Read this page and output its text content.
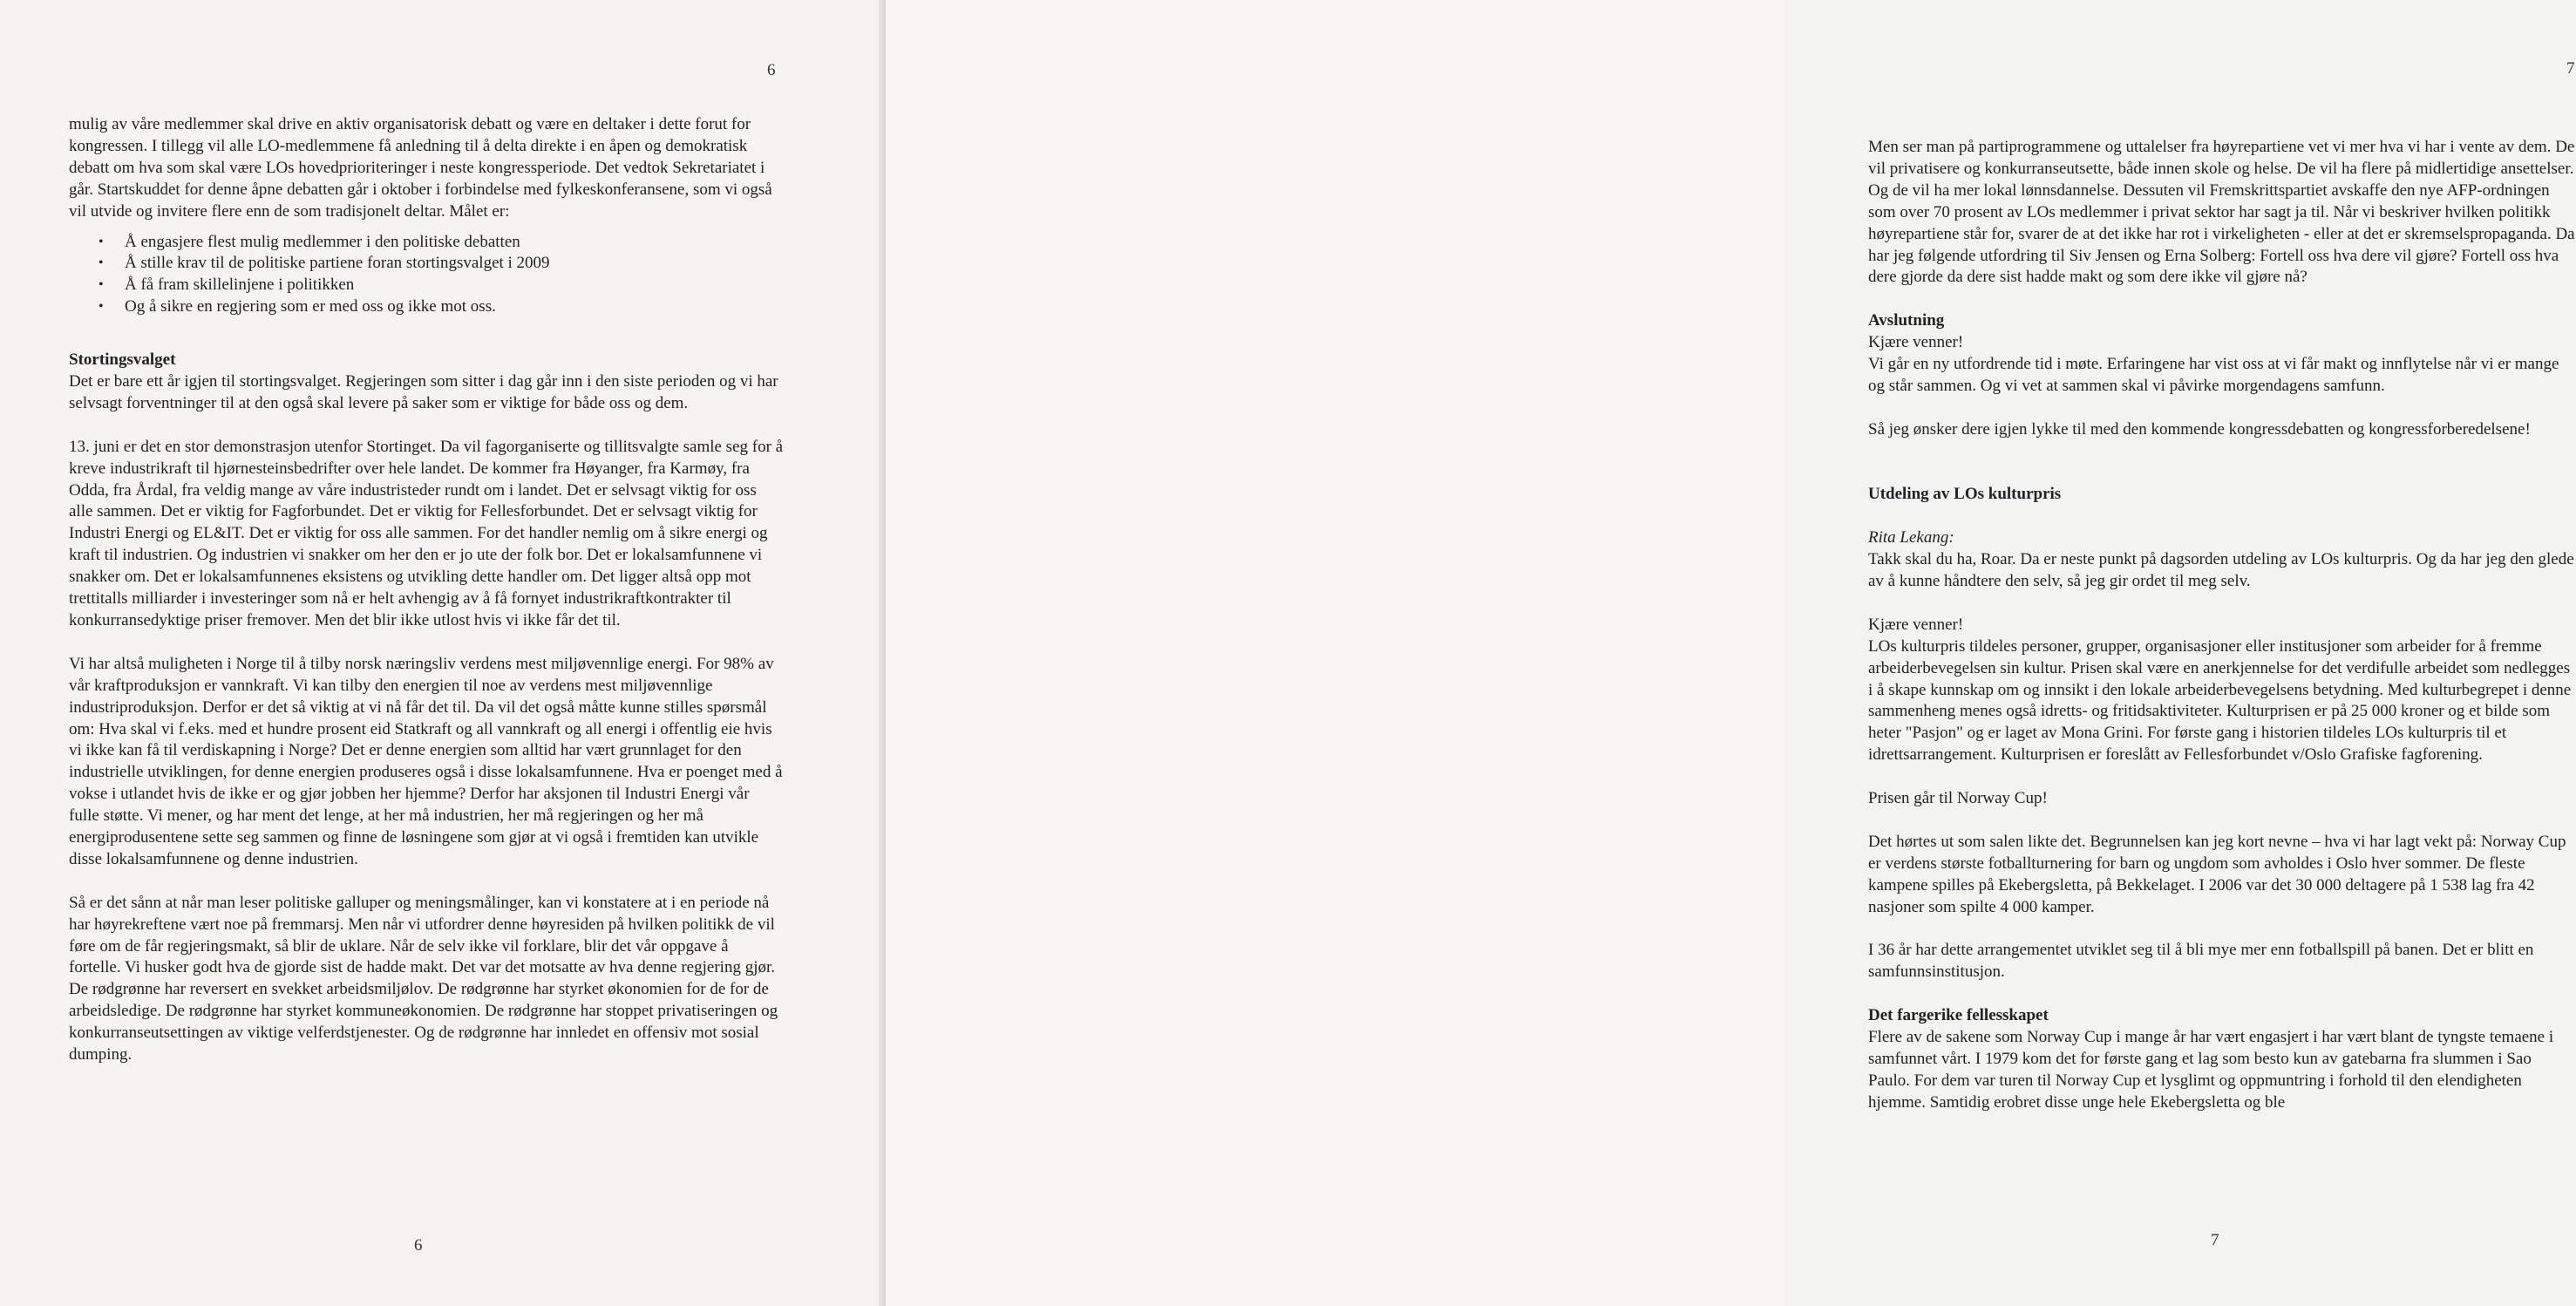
6

mulig av våre medlemmer skal drive en aktiv organisatorisk debatt og være en deltaker i dette forut for kongressen. I tillegg vil alle LO-medlemmene få anledning til å delta direkte i en åpen og demokratisk debatt om hva som skal være LOs hovedprioriteringer i neste kongressperiode. Det vedtok Sekretariatet i går. Startskuddet for denne åpne debatten går i oktober i forbindelse med fylkeskonferansene, som vi også vil utvide og invitere flere enn de som tradisjonelt deltar. Målet er:

• Å engasjere flest mulig medlemmer i den politiske debatten
• Å stille krav til de politiske partiene foran stortingsvalget i 2009
• Å få fram skillelinjene i politikken
• Og å sikre en regjering som er med oss og ikke mot oss.

Stortingsvalget

Det er bare ett år igjen til stortingsvalget. Regjeringen som sitter i dag går inn i den siste perioden og vi har selvsagt forventninger til at den også skal levere på saker som er viktige for både oss og dem.

13. juni er det en stor demonstrasjon utenfor Stortinget. Da vil fagorganiserte og tillitsvalgte samle seg for å kreve industrikraft til hjørnesteinsbedrifter over hele landet. De kommer fra Høyanger, fra Karmøy, fra Odda, fra Årdal, fra veldig mange av våre industristeder rundt om i landet. Det er selvsagt viktig for oss alle sammen. Det er viktig for Fagforbundet. Det er viktig for Fellesforbundet. Det er selvsagt viktig for Industri Energi og EL&IT. Det er viktig for oss alle sammen. For det handler nemlig om å sikre energi og kraft til industrien. Og industrien vi snakker om her den er jo ute der folk bor. Det er lokalsamfunnene vi snakker om. Det er lokalsamfunnenes eksistens og utvikling dette handler om. Det ligger altså opp mot trettitalls milliarder i investeringer som nå er helt avhengig av å få fornyet industrikraftkontrakter til konkurransedyktige priser fremover. Men det blir ikke utlost hvis vi ikke får det til.

Vi har altså muligheten i Norge til å tilby norsk næringsliv verdens mest miljøvennlige energi. For 98% av vår kraftproduksjon er vannkraft. Vi kan tilby den energien til noe av verdens mest miljøvennlige industriproduksjon. Derfor er det så viktig at vi nå får det til. Da vil det også måtte kunne stilles spørsmål om: Hva skal vi f.eks. med et hundre prosent eid Statkraft og all vannkraft og all energi i offentlig eie hvis vi ikke kan få til verdiskapning i Norge? Det er denne energien som alltid har vært grunnlaget for den industrielle utviklingen, for denne energien produseres også i disse lokalsamfunnene. Hva er poenget med å vokse i utlandet hvis de ikke er og gjør jobben her hjemme? Derfor har aksjonen til Industri Energi vår fulle støtte. Vi mener, og har ment det lenge, at her må industrien, her må regjeringen og her må energiprodusentene sette seg sammen og finne de løsningene som gjør at vi også i fremtiden kan utvikle disse lokalsamfunnene og denne industrien.

Så er det sånn at når man leser politiske galluper og meningsmålinger, kan vi konstatere at i en periode nå har høyrekreftene vært noe på fremmarsj. Men når vi utfordrer denne høyresiden på hvilken politikk de vil føre om de får regjeringsmakt, så blir de uklare. Når de selv ikke vil forklare, blir det vår oppgave å fortelle. Vi husker godt hva de gjorde sist de hadde makt. Det var det motsatte av hva denne regjering gjør. De rødgrønne har reversert en svekket arbeidsmiljølov. De rødgrønne har styrket økonomien for de for de arbeidsledige. De rødgrønne har styrket kommuneøkonomien. De rødgrønne har stoppet privatiseringen og konkurranseutsettingen av viktige velferdstjenester. Og de rødgrønne har innledet en offensiv mot sosial dumping.

6
7

Men ser man på partiprogrammene og uttalelser fra høyrepartiene vet vi mer hva vi har i vente av dem. De vil privatisere og konkurranseutsette, både innen skole og helse. De vil ha flere på midlertidige ansettelser. Og de vil ha mer lokal lønnsdannelse. Dessuten vil Fremskrittspartiet avskaffe den nye AFP-ordningen som over 70 prosent av LOs medlemmer i privat sektor har sagt ja til. Når vi beskriver hvilken politikk høyrepartiene står for, svarer de at det ikke har rot i virkeligheten - eller at det er skremselspropaganda. Da har jeg følgende utfordring til Siv Jensen og Erna Solberg: Fortell oss hva dere vil gjøre? Fortell oss hva dere gjorde da dere sist hadde makt og som dere ikke vil gjøre nå?

Avslutning

Kjære venner!

Vi går en ny utfordrende tid i møte. Erfaringene har vist oss at vi får makt og innflytelse når vi er mange og står sammen. Og vi vet at sammen skal vi påvirke morgendagens samfunn.

Så jeg ønsker dere igjen lykke til med den kommende kongressdebatten og kongressforberedelsene!

Utdeling av LOs kulturpris

Rita Lekang:

Takk skal du ha, Roar. Da er neste punkt på dagsorden utdeling av LOs kulturpris. Og da har jeg den glede av å kunne håndtere den selv, så jeg gir ordet til meg selv.

Kjære venner!

LOs kulturpris tildeles personer, grupper, organisasjoner eller institusjoner som arbeider for å fremme arbeiderbevegelsen sin kultur. Prisen skal være en anerkjennelse for det verdifulle arbeidet som nedlegges i å skape kunnskap om og innsikt i den lokale arbeiderbevegelsens betydning. Med kulturbegrepet i denne sammenheng menes også idretts- og fritidsaktiviteter. Kulturprisen er på 25 000 kroner og et bilde som heter "Pasjon" og er laget av Mona Grini. For første gang i historien tildeles LOs kulturpris til et idrettsarrangement. Kulturprisen er foreslått av Fellesforbundet v/Oslo Grafiske fagforening.

Prisen går til Norway Cup!

Det hørtes ut som salen likte det. Begrunnelsen kan jeg kort nevne – hva vi har lagt vekt på: Norway Cup er verdens største fotballturnering for barn og ungdom som avholdes i Oslo hver sommer. De fleste kampene spilles på Ekebergsletta, på Bekkelaget. I 2006 var det 30 000 deltagere på 1 538 lag fra 42 nasjoner som spilte 4 000 kamper.

I 36 år har dette arrangementet utviklet seg til å bli mye mer enn fotballspill på banen. Det er blitt en samfunnsinstitusjon.

Det fargerike fellesskapet

Flere av de sakene som Norway Cup i mange år har vært engasjert i har vært blant de tyngste temaene i samfunnet vårt. I 1979 kom det for første gang et lag som besto kun av gatebarna fra slummen i Sao Paulo. For dem var turen til Norway Cup et lysglimt og oppmuntring i forhold til den elendigheten hjemme. Samtidig erobret disse unge hele Ekebergsletta og ble

7
